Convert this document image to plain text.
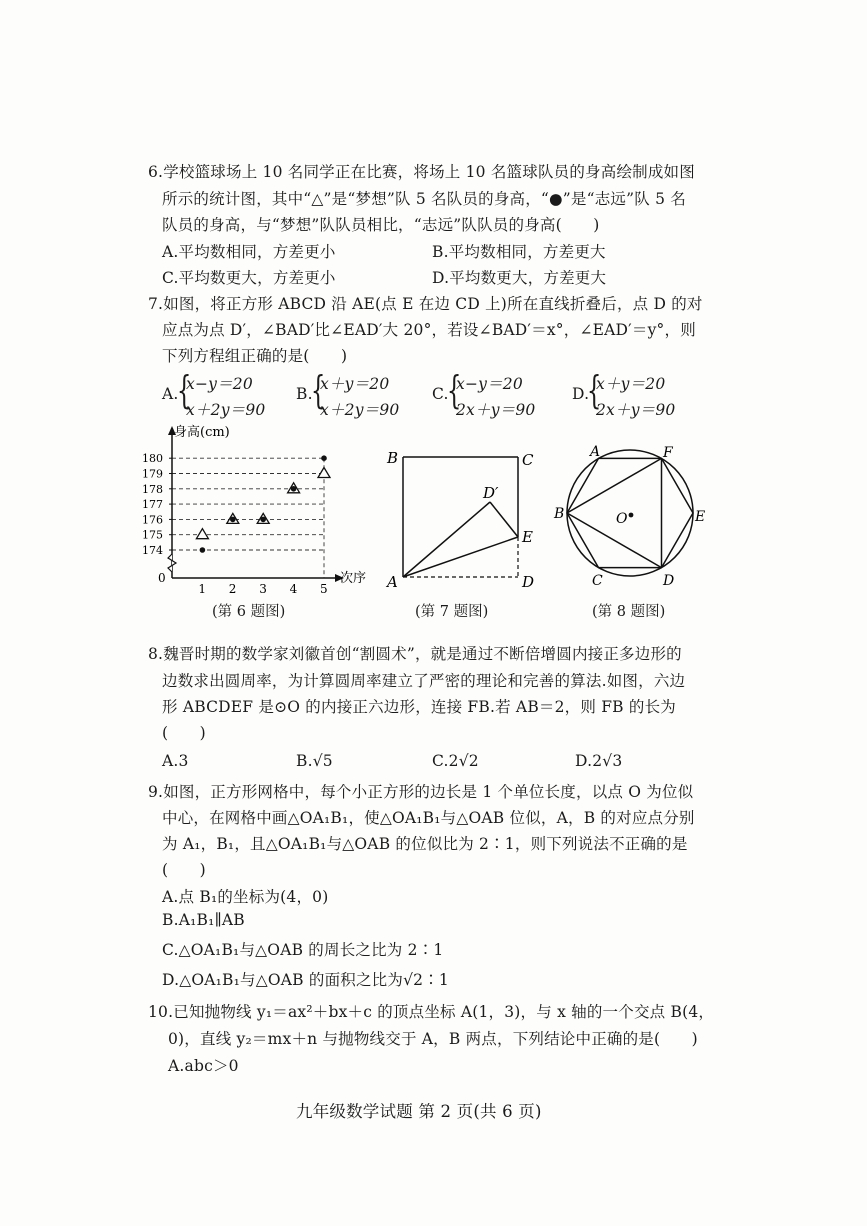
6.学校篮球场上 10 名同学正在比赛，将场上 10 名篮球队员的身高绘制成如图
所示的统计图，其中“△”是“梦想”队 5 名队员的身高，“●”是“志远”队 5 名
队员的身高，与“梦想”队队员相比，“志远”队队员的身高(　　)
A.平均数相同，方差更小	B.平均数相同，方差更大
C.平均数更大，方差更小	D.平均数更大，方差更大
7.如图，将正方形 ABCD 沿 AE(点 E 在边 CD 上)所在直线折叠后，点 D 的对
应点为点 D′，∠BAD′比∠EAD′大 20°，若设∠BAD′＝x°，∠EAD′＝y°，则
下列方程组正确的是(　　)
A.
{
x−y＝20
x＋2y＝90
B.
{
x＋y＝20
x＋2y＝90
C.
{
x−y＝20
2x＋y＝90
D.
{
x＋y＝20
2x＋y＝90
身高(cm)
次序
0
174
175
176
177
178
179
180
1 2 3 4 5
(第 6 题图)
B	C
A	D
E
D′
(第 7 题图)
A	F
B	E
O
C	D
(第 8 题图)
8.魏晋时期的数学家刘徽首创“割圆术”，就是通过不断倍增圆内接正多边形的
边数求出圆周率，为计算圆周率建立了严密的理论和完善的算法.如图，六边
形 ABCDEF 是⊙O 的内接正六边形，连接 FB.若 AB＝2，则 FB 的长为
(　　)
A.3	B.√5	C.2√2	D.2√3
9.如图，正方形网格中，每个小正方形的边长是 1 个单位长度，以点 O 为位似
中心，在网格中画△OA₁B₁，使△OA₁B₁与△OAB 位似，A，B 的对应点分别
为 A₁，B₁，且△OA₁B₁与△OAB 的位似比为 2∶1，则下列说法不正确的是
(　　)
A.点 B₁的坐标为(4，0)
B.A₁B₁∥AB
C.△OA₁B₁与△OAB 的周长之比为 2∶1
D.△OA₁B₁与△OAB 的面积之比为√2∶1
10.已知抛物线 y₁＝ax²＋bx＋c 的顶点坐标 A(1，3)，与 x 轴的一个交点 B(4，
0)，直线 y₂＝mx＋n 与抛物线交于 A，B 两点，下列结论中正确的是(　　)
A.abc＞0
九年级数学试题 第 2 页(共 6 页)
